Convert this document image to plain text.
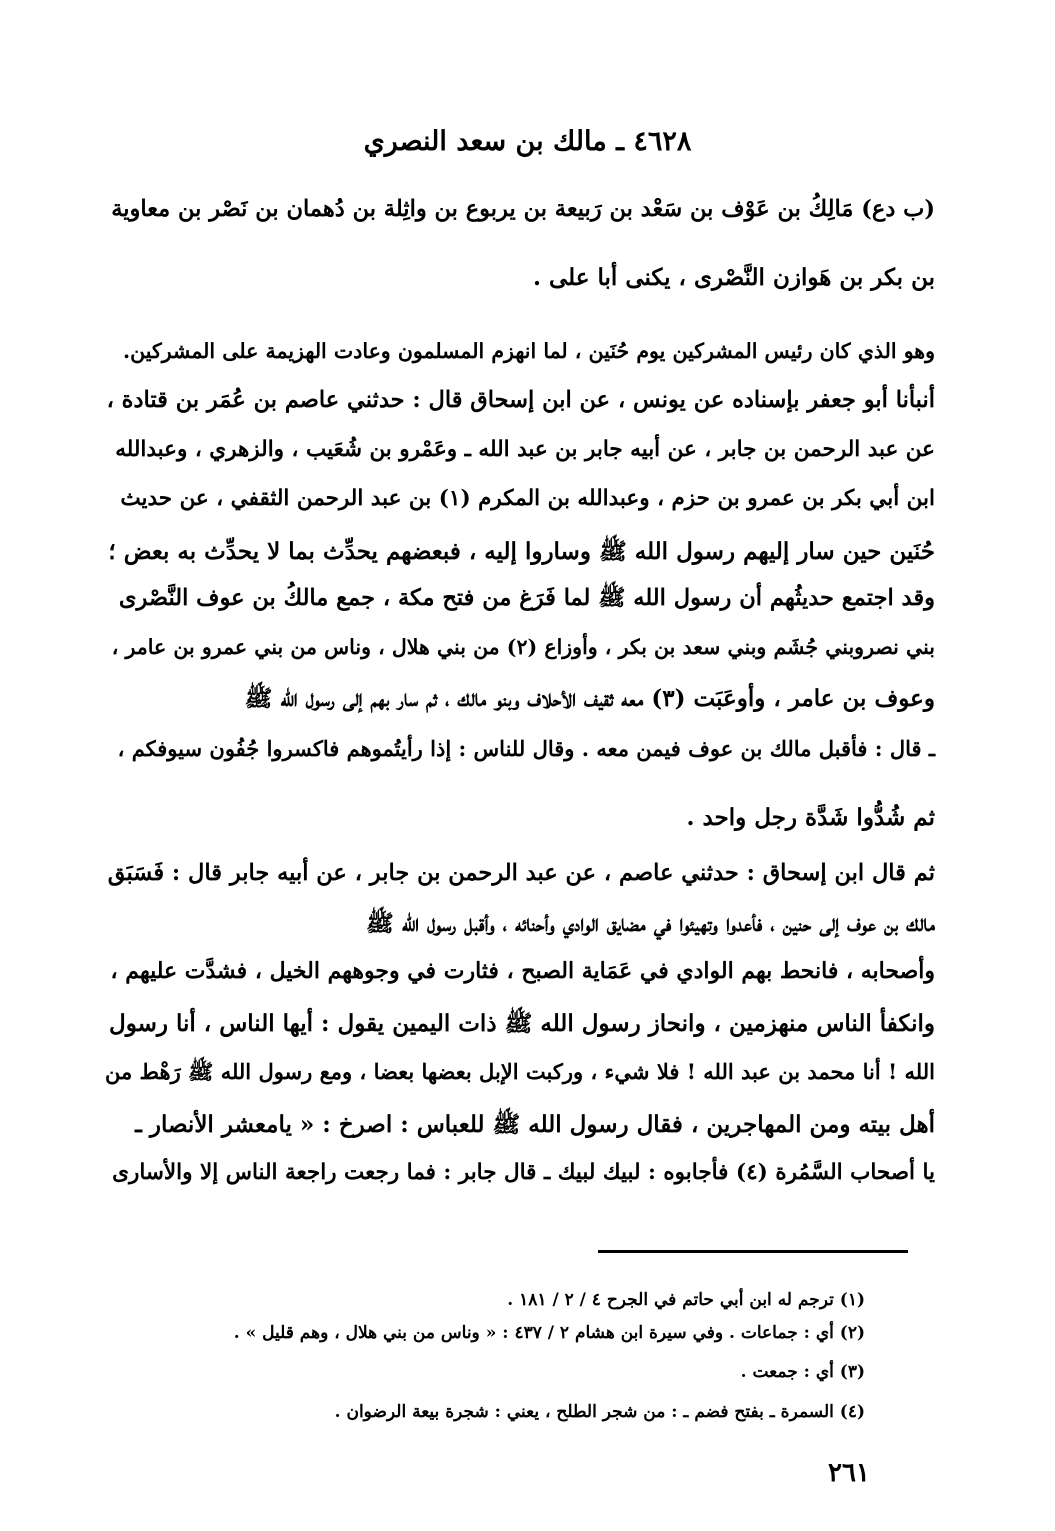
٤٦٢٨ ـ مالك بن سعد النصري
(ب دع) مَالِكُ بن عَوْف بن سَعْد بن رَبيعة بن يربوع بن واثِلة بن دُهمان بن نَصْر بن معاوية
بن بكر بن هَوازن النَّصْرى ، يكنى أبا على .
وهو الذي كان رئيس المشركين يوم حُنَين ، لما انهزم المسلمون وعادت الهزيمة على المشركين.
أنبأنا أبو جعفر بإسناده عن يونس ، عن ابن إسحاق قال : حدثني عاصم بن عُمَر بن قتادة ،
عن عبد الرحمن بن جابر ، عن أبيه جابر بن عبد الله ـ وعَمْرو بن شُعَيب ، والزهري ، وعبدالله
ابن أبي بكر بن عمرو بن حزم ، وعبدالله بن المكرم (١) بن عبد الرحمن الثقفي ، عن حديث
حُنَين حين سار إليهم رسول الله ﷺ وساروا إليه ، فبعضهم يحدِّث بما لا يحدِّث به بعض ؛
وقد اجتمع حديثُهم أن رسول الله ﷺ لما فَرَغ من فتح مكة ، جمع مالكُ بن عوف النَّصْرى
بني نصروبني جُشَم وبني سعد بن بكر ، وأوزاع (٢) من بني هلال ، وناس من بني عمرو بن عامر ،
وعوف بن عامر ، وأوعَبَت (٣) معه ثقيف الأحلاف وبنو مالك ، ثم سار بهم إلى رسول الله ﷺ
ـ قال : فأقبل مالك بن عوف فيمن معه . وقال للناس : إذا رأيتُموهم فاكسروا جُفُون سيوفكم ،
ثم شُدُّوا شَدَّة رجل واحد .
ثم قال ابن إسحاق : حدثني عاصم ، عن عبد الرحمن بن جابر ، عن أبيه جابر قال : فَسَبَق
مالك بن عوف إلى حنين ، فأعدوا وتهيئوا في مضايق الوادي وأحنائه ، وأقبل رسول الله ﷺ
وأصحابه ، فانحط بهم الوادي في عَمَاية الصبح ، فثارت في وجوههم الخيل ، فشدَّت عليهم ،
وانكفأ الناس منهزمين ، وانحاز رسول الله ﷺ ذات اليمين يقول : أيها الناس ، أنا رسول
الله ! أنا محمد بن عبد الله ! فلا شيء ، وركبت الإبل بعضها بعضا ، ومع رسول الله ﷺ رَهْط من
أهل بيته ومن المهاجرين ، فقال رسول الله ﷺ للعباس : اصرخ : « يامعشر الأنصار ـ
يا أصحاب السَّمُرة (٤) فأجابوه : لبيك لبيك ـ قال جابر : فما رجعت راجعة الناس إلا والأسارى
(١) ترجم له ابن أبي حاتم في الجرح ٤ / ٢ / ١٨١ .
(٢) أي : جماعات . وفي سيرة ابن هشام ٢ / ٤٣٧ : « وناس من بني هلال ، وهم قليل » .
(٣) أي : جمعت .
(٤) السمرة ـ بفتح فضم ـ : من شجر الطلح ، يعني : شجرة بيعة الرضوان .
٢٦١
